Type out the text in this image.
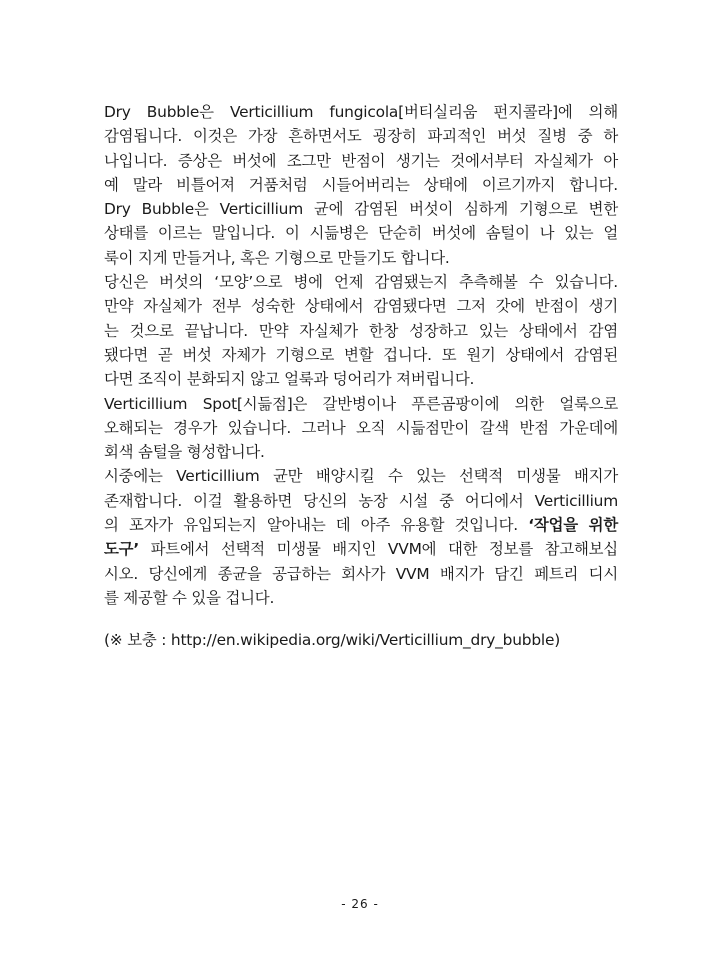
Dry Bubble은 Verticillium fungicola[버티실리움 펀지콜라]에 의해
감염됩니다. 이것은 가장 흔하면서도 굉장히 파괴적인 버섯 질병 중 하
나입니다. 증상은 버섯에 조그만 반점이 생기는 것에서부터 자실체가 아
예 말라 비틀어져 거품처럼 시들어버리는 상태에 이르기까지 합니다.
Dry Bubble은 Verticillium 균에 감염된 버섯이 심하게 기형으로 변한
상태를 이르는 말입니다. 이 시듦병은 단순히 버섯에 솜털이 나 있는 얼
룩이 지게 만들거나, 혹은 기형으로 만들기도 합니다.
당신은 버섯의 ‘모양’으로 병에 언제 감염됐는지 추측해볼 수 있습니다.
만약 자실체가 전부 성숙한 상태에서 감염됐다면 그저 갓에 반점이 생기
는 것으로 끝납니다. 만약 자실체가 한창 성장하고 있는 상태에서 감염
됐다면 곧 버섯 자체가 기형으로 변할 겁니다. 또 원기 상태에서 감염된
다면 조직이 분화되지 않고 얼룩과 덩어리가 져버립니다.
Verticillium Spot[시듦점]은 갈반병이나 푸른곰팡이에 의한 얼룩으로
오해되는 경우가 있습니다. 그러나 오직 시듦점만이 갈색 반점 가운데에
회색 솜털을 형성합니다.
시중에는 Verticillium 균만 배양시킬 수 있는 선택적 미생물 배지가
존재합니다. 이걸 활용하면 당신의 농장 시설 중 어디에서 Verticillium
의 포자가 유입되는지 알아내는 데 아주 유용할 것입니다. ‘작업을 위한
도구’ 파트에서 선택적 미생물 배지인 VVM에 대한 정보를 참고해보십
시오. 당신에게 종균을 공급하는 회사가 VVM 배지가 담긴 페트리 디시
를 제공할 수 있을 겁니다.
(※ 보충 : http://en.wikipedia.org/wiki/Verticillium_dry_bubble)
- 26 -
